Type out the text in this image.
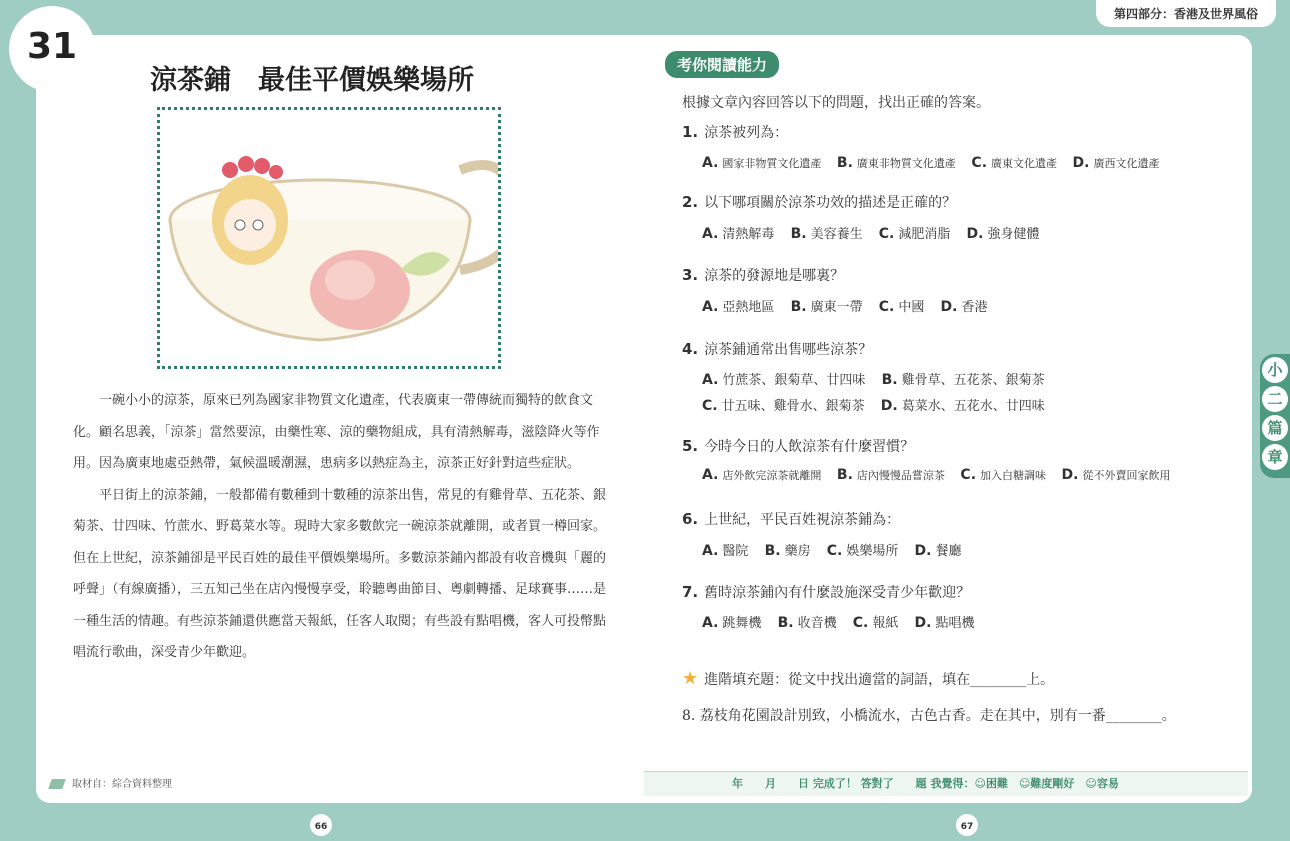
31
第四部分：香港及世界風俗
涼茶鋪　最佳平價娛樂場所

一碗小小的涼茶，原來已列為國家非物質文化遺產，代表廣東一帶傳統而獨特的飲食文化。顧名思義，「涼茶」當然要涼，由藥性寒、涼的藥物組成，具有清熱解毒，滋陰降火等作用。因為廣東地處亞熱帶，氣候溫暖潮濕，患病多以熱症為主，涼茶正好針對這些症狀。

平日街上的涼茶鋪，一般都備有數種到十數種的涼茶出售，常見的有雞骨草、五花茶、銀菊茶、廿四味、竹蔗水、野葛菜水等。現時大家多數飲完一碗涼茶就離開，或者買一樽回家。但在上世紀，涼茶鋪卻是平民百姓的最佳平價娛樂場所。多數涼茶鋪內都設有收音機與「麗的呼聲」（有線廣播），三五知己坐在店內慢慢享受，聆聽粵曲節目、粵劇轉播、足球賽事……是一種生活的情趣。有些涼茶鋪還供應當天報紙，任客人取閱；有些設有點唱機，客人可投幣點唱流行歌曲，深受青少年歡迎。

取材自：綜合資料整理
考你閱讀能力
根據文章內容回答以下的問題，找出正確的答案。
1. 涼茶被列為：
A. 國家非物質文化遺產 B. 廣東非物質文化遺產 C. 廣東文化遺產 D. 廣西文化遺產
2. 以下哪項關於涼茶功效的描述是正確的？
A. 清熱解毒 B. 美容養生 C. 減肥消脂 D. 強身健體
3. 涼茶的發源地是哪裏？
A. 亞熱地區 B. 廣東一帶 C. 中國 D. 香港
4. 涼茶鋪通常出售哪些涼茶？
A. 竹蔗茶、銀菊草、廿四味 B. 雞骨草、五花茶、銀菊茶
C. 廿五味、雞骨水、銀菊茶 D. 葛菜水、五花水、廿四味
5. 今時今日的人飲涼茶有什麼習慣？
A. 店外飲完涼茶就離開 B. 店內慢慢品嘗涼茶 C. 加入白糖調味 D. 從不外賣回家飲用
6. 上世紀，平民百姓視涼茶鋪為：
A. 醫院 B. 藥房 C. 娛樂場所 D. 餐廳
7. 舊時涼茶鋪內有什麼設施深受青少年歡迎？
A. 跳舞機 B. 收音機 C. 報紙 D. 點唱機
★ 進階填充題：從文中找出適當的詞語，填在________上。
8. 荔枝角花園設計別致，小橋流水，古色古香。走在其中，別有一番________。
年　　月　　日 完成了！ 答對了　　題 我覺得：☺困難　☺難度剛好　☺容易
小
二
篇
章
66	67
